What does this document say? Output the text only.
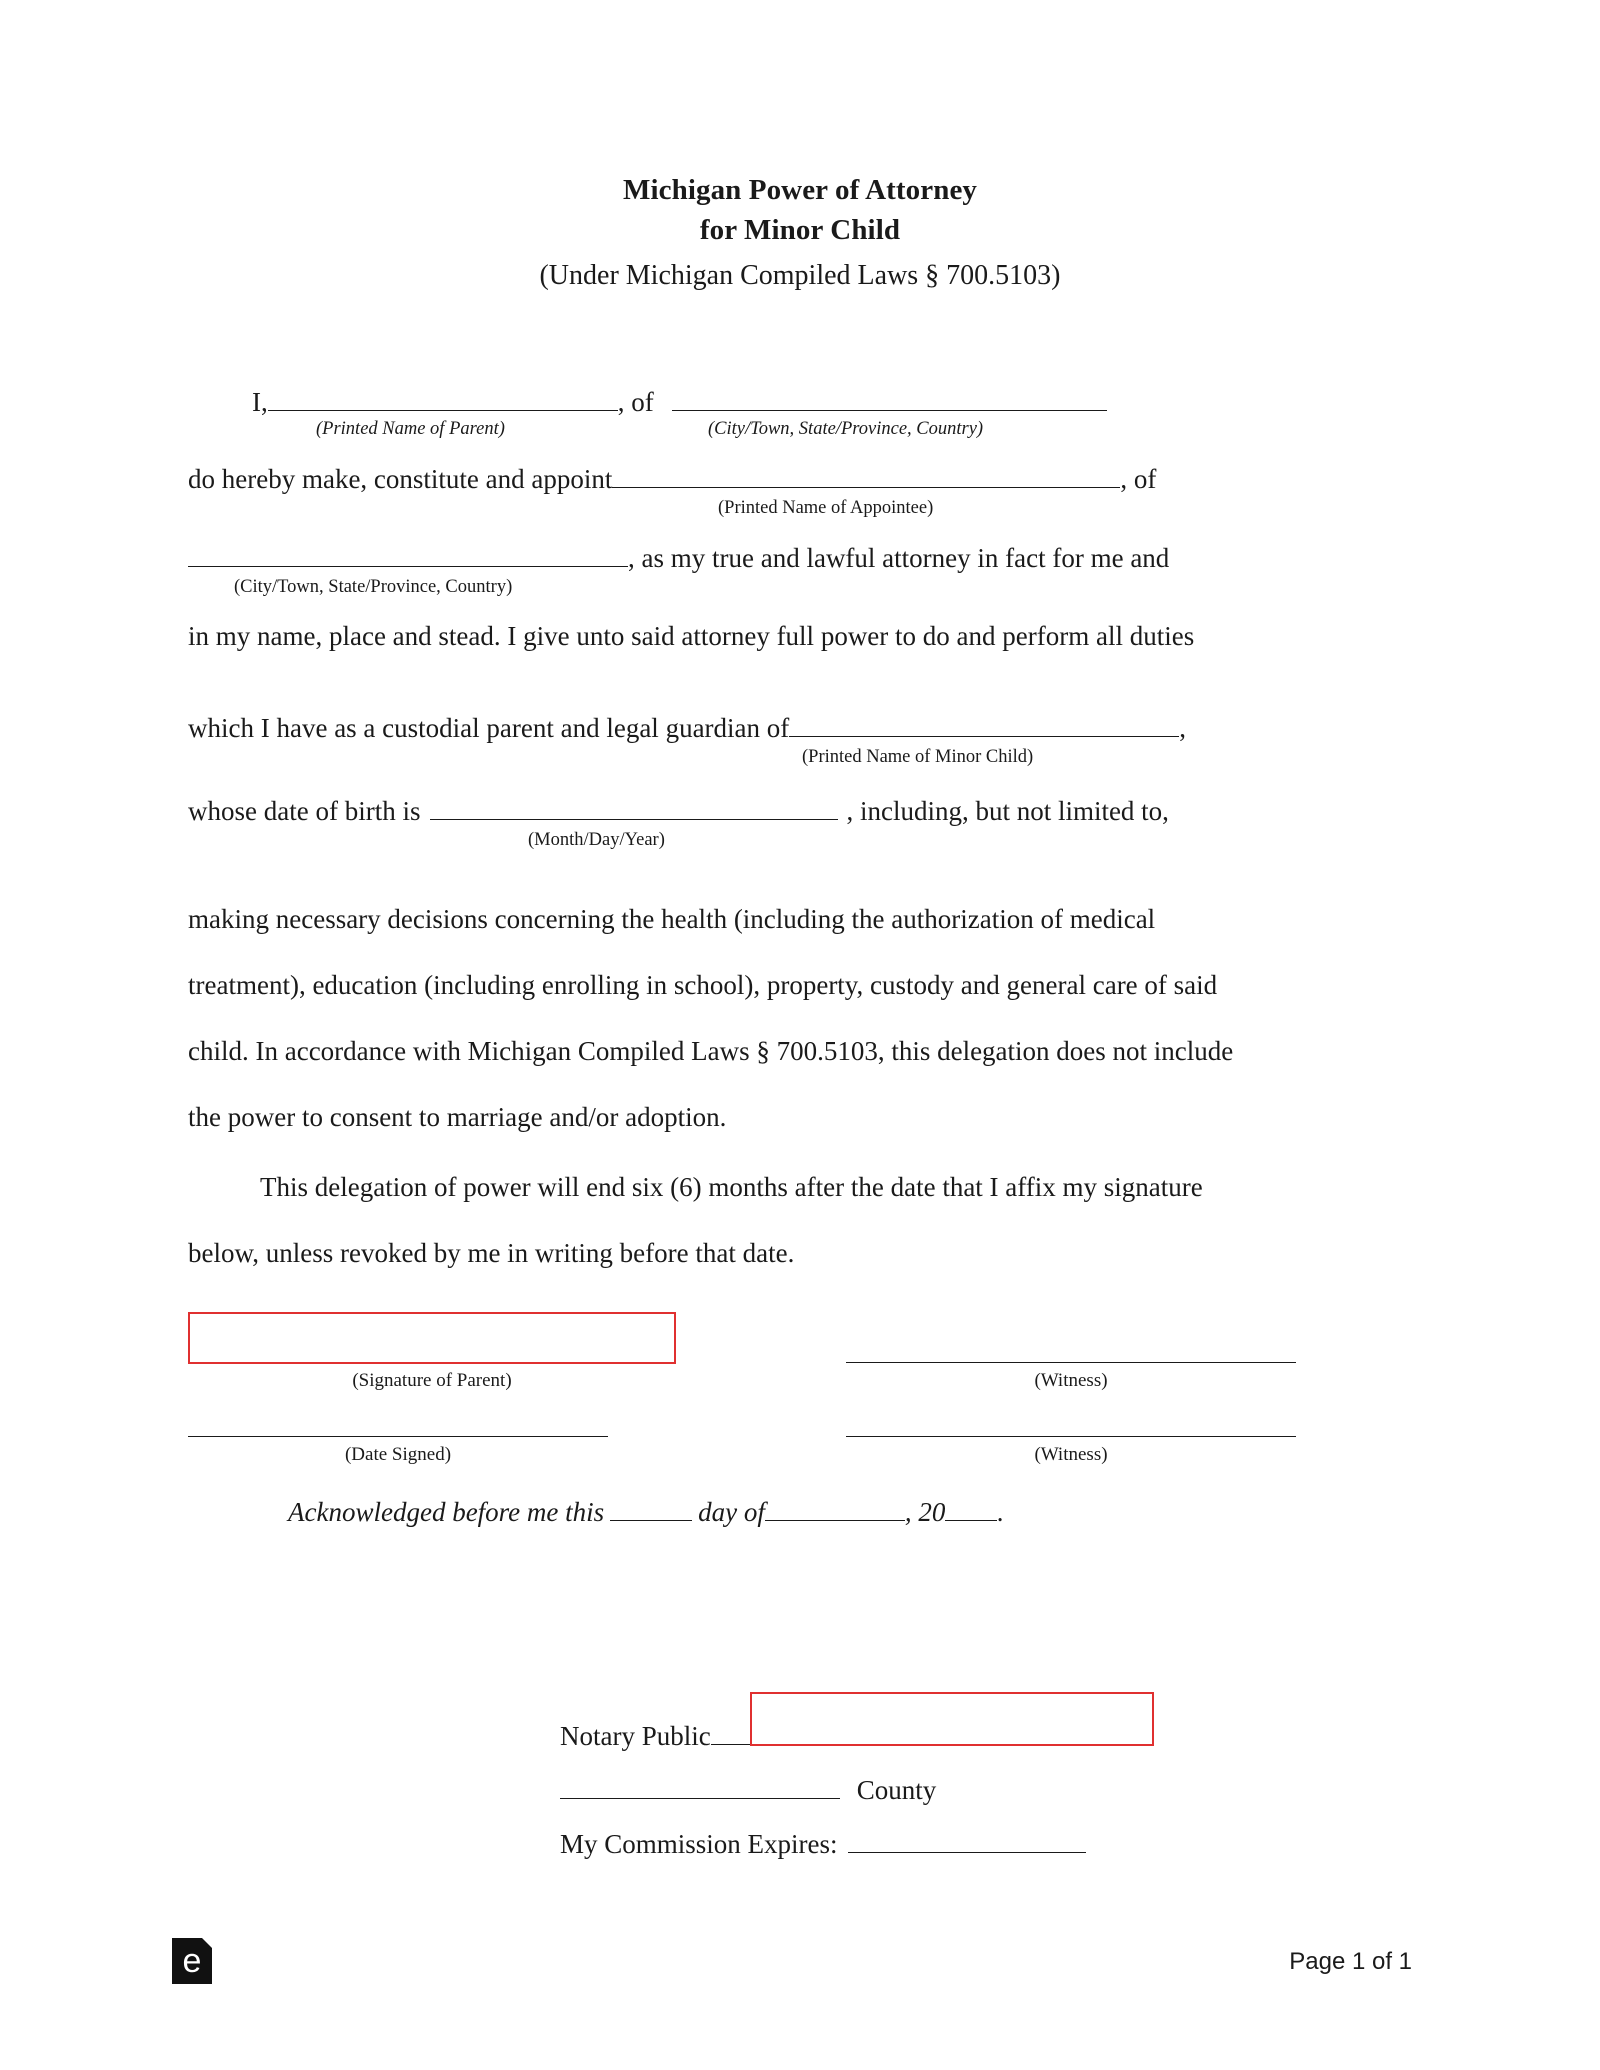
Michigan Power of Attorney
for Minor Child
(Under Michigan Compiled Laws § 700.5103)
I,	, of
(Printed Name of Parent)	(City/Town, State/Province, Country)
do hereby make, constitute and appoint	, of
(Printed Name of Appointee)
, as my true and lawful attorney in fact for me and
(City/Town, State/Province, Country)
in my name, place and stead. I give unto said attorney full power to do and perform all duties
which I have as a custodial parent and legal guardian of	,
(Printed Name of Minor Child)
whose date of birth is	, including, but not limited to,
(Month/Day/Year)

making necessary decisions concerning the health (including the authorization of medical

treatment), education (including enrolling in school), property, custody and general care of said

child. In accordance with Michigan Compiled Laws § 700.5103, this delegation does not include

the power to consent to marriage and/or adoption.

This delegation of power will end six (6) months after the date that I affix my signature

below, unless revoked by me in writing before that date.

(Signature of Parent)	(Witness)
(Date Signed)	(Witness)
Acknowledged before me this	day of	, 20 .
Notary Public
County
My Commission Expires:
e	Page 1 of 1
